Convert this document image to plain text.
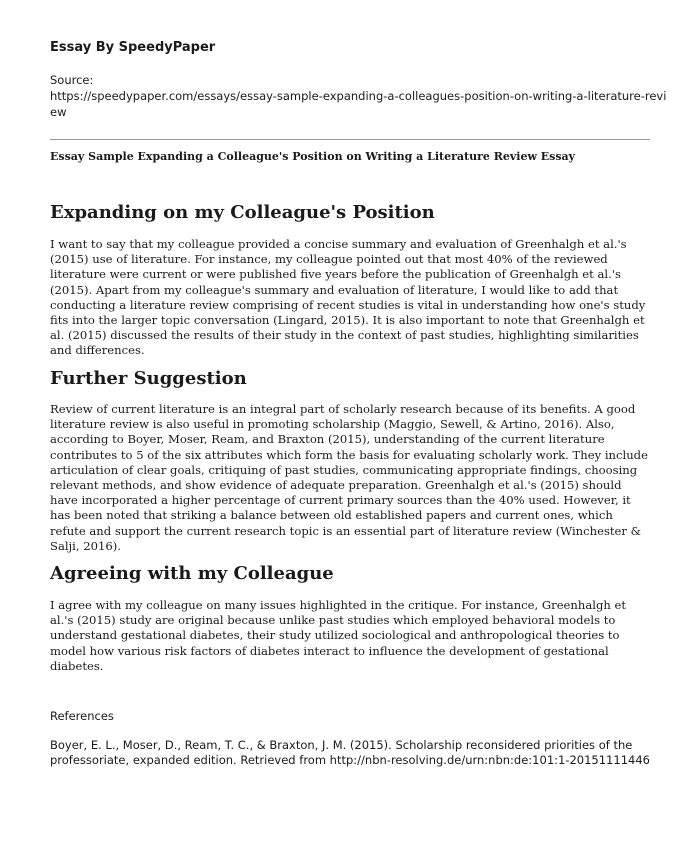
Essay By SpeedyPaper
Source:
https://speedypaper.com/essays/essay-sample-expanding-a-colleagues-position-on-writing-a-literature-review
Essay Sample Expanding a Colleague's Position on Writing a Literature Review Essay
Expanding on my Colleague's Position

I want to say that my colleague provided a concise summary and evaluation of Greenhalgh et al.'s (2015) use of literature. For instance, my colleague pointed out that most 40% of the reviewed literature were current or were published five years before the publication of Greenhalgh et al.'s (2015). Apart from my colleague's summary and evaluation of literature, I would like to add that conducting a literature review comprising of recent studies is vital in understanding how one's study fits into the larger topic conversation (Lingard, 2015). It is also important to note that Greenhalgh et al. (2015) discussed the results of their study in the context of past studies, highlighting similarities and differences.

Further Suggestion

Review of current literature is an integral part of scholarly research because of its benefits. A good literature review is also useful in promoting scholarship (Maggio, Sewell, & Artino, 2016). Also, according to Boyer, Moser, Ream, and Braxton (2015), understanding of the current literature contributes to 5 of the six attributes which form the basis for evaluating scholarly work. They include articulation of clear goals, critiquing of past studies, communicating appropriate findings, choosing relevant methods, and show evidence of adequate preparation. Greenhalgh et al.'s (2015) should have incorporated a higher percentage of current primary sources than the 40% used. However, it has been noted that striking a balance between old established papers and current ones, which refute and support the current research topic is an essential part of literature review (Winchester & Salji, 2016).

Agreeing with my Colleague

I agree with my colleague on many issues highlighted in the critique. For instance, Greenhalgh et al.'s (2015) study are original because unlike past studies which employed behavioral models to understand gestational diabetes, their study utilized sociological and anthropological theories to model how various risk factors of diabetes interact to influence the development of gestational diabetes.

References
Boyer, E. L., Moser, D., Ream, T. C., & Braxton, J. M. (2015). Scholarship reconsidered priorities of the professoriate, expanded edition. Retrieved from http://nbn-resolving.de/urn:nbn:de:101:1-20151111446
